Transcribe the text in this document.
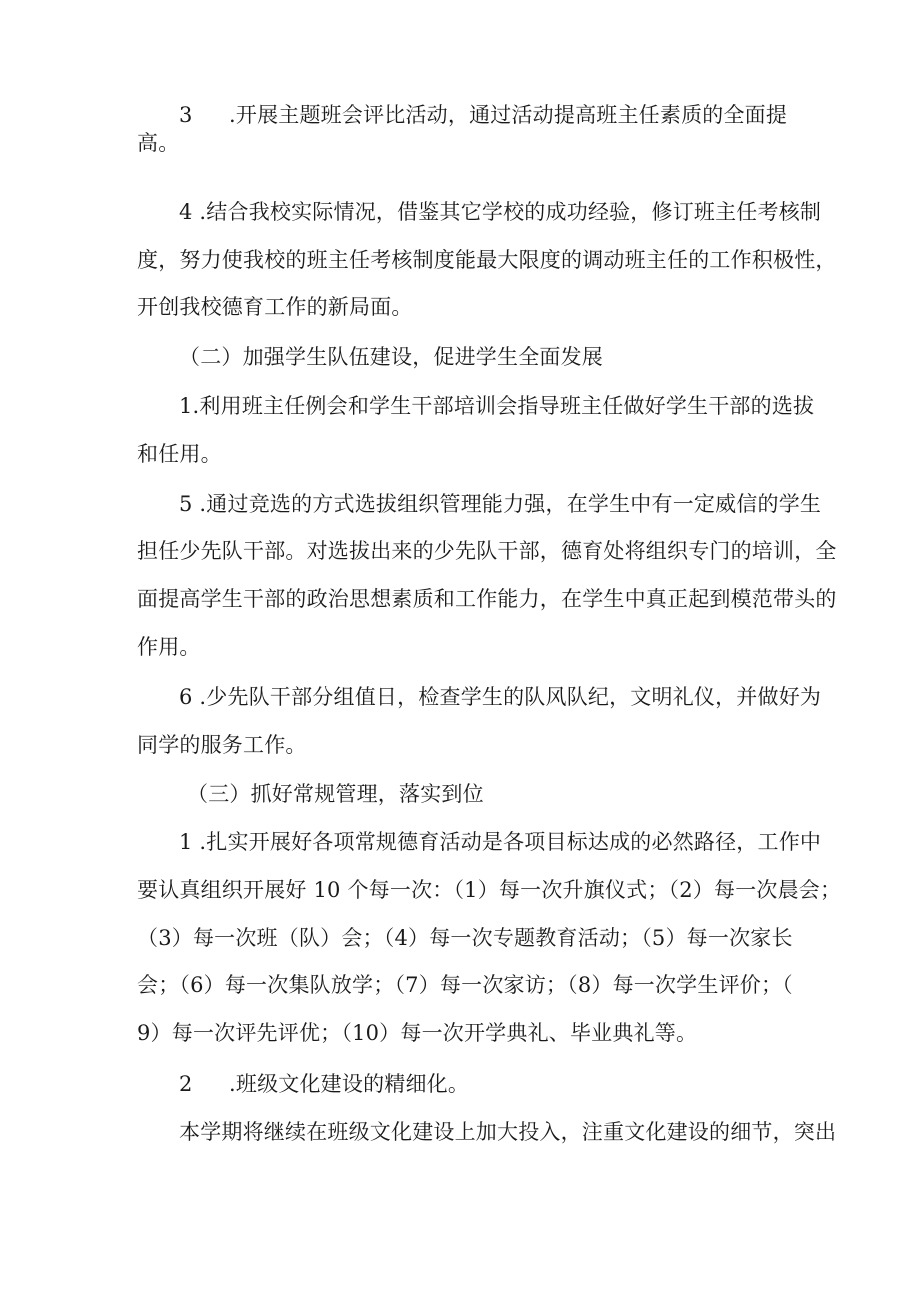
3 .开展主题班会评比活动，通过活动提高班主任素质的全面提
高。
4 .结合我校实际情况，借鉴其它学校的成功经验，修订班主任考核制
度，努力使我校的班主任考核制度能最大限度的调动班主任的工作积极性，
开创我校德育工作的新局面。
（二）加强学生队伍建设，促进学生全面发展
1.利用班主任例会和学生干部培训会指导班主任做好学生干部的选拔
和任用。
5 .通过竞选的方式选拔组织管理能力强，在学生中有一定威信的学生
担任少先队干部。对选拔出来的少先队干部，德育处将组织专门的培训，全
面提高学生干部的政治思想素质和工作能力，在学生中真正起到模范带头的
作用。
6 .少先队干部分组值日，检查学生的队风队纪，文明礼仪，并做好为
同学的服务工作。
（三）抓好常规管理，落实到位
1 .扎实开展好各项常规德育活动是各项目标达成的必然路径，工作中
要认真组织开展好 10 个每一次：（1）每一次升旗仪式；（2）每一次晨会；
（3）每一次班（队）会；（4）每一次专题教育活动；（5）每一次家长
会；（6）每一次集队放学；（7）每一次家访；（8）每一次学生评价；（
9）每一次评先评优；（10）每一次开学典礼、毕业典礼等。
2 .班级文化建设的精细化。
本学期将继续在班级文化建设上加大投入，注重文化建设的细节，突出
